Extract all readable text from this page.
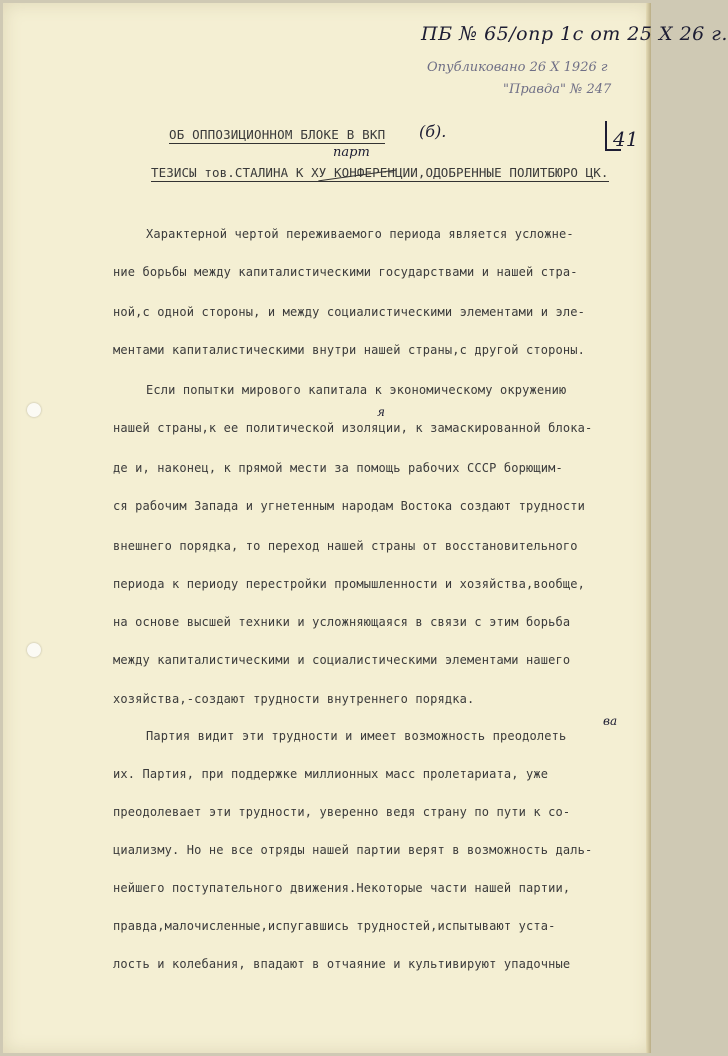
ПБ № 65/опр 1с от 25 X 26 г.
Опубликовано 26 X 1926 г
"Правда" № 247
41
ОБ ОППОЗИЦИОННОМ БЛОКЕ В ВКП (б).
парт
ТЕЗИСЫ тов.СТАЛИНА К ХУ КОНФЕРЕНЦИИ,ОДОБРЕННЫЕ ПОЛИТБЮРО ЦК.
Характерной чертой переживаемого периода является усложне-
ние борьбы между капиталистическими государствами и нашей стра-
ной,с одной стороны, и между социалистическими элементами и эле-
ментами капиталистическими внутри нашей страны,с другой стороны.
Если попытки мирового капитала к экономическому окружению
я
нашей страны,к ее политической изоляции, к замаскированной блока-
де и, наконец, к прямой мести за помощь рабочих СССР борющим-
ся рабочим Запада и угнетенным народам Востока создают трудности
внешнего порядка, то переход нашей страны от восстановительного
периода к периоду перестройки промышленности и хозяйства,вообще,
на основе высшей техники и усложняющаяся в связи с этим борьба
между капиталистическими и социалистическими элементами нашего
хозяйства,-создают трудности внутреннего порядка.
ва
Партия видит эти трудности и имеет возможность преодолеть
их. Партия, при поддержке миллионных масс пролетариата, уже
преодолевает эти трудности, уверенно ведя страну по пути к со-
циализму. Но не все отряды нашей партии верят в возможность даль-
нейшего поступательного движения.Некоторые части нашей партии,
правда,малочисленные,испугавшись трудностей,испытывают уста-
лость и колебания, впадают в отчаяние и культивируют упадочные
